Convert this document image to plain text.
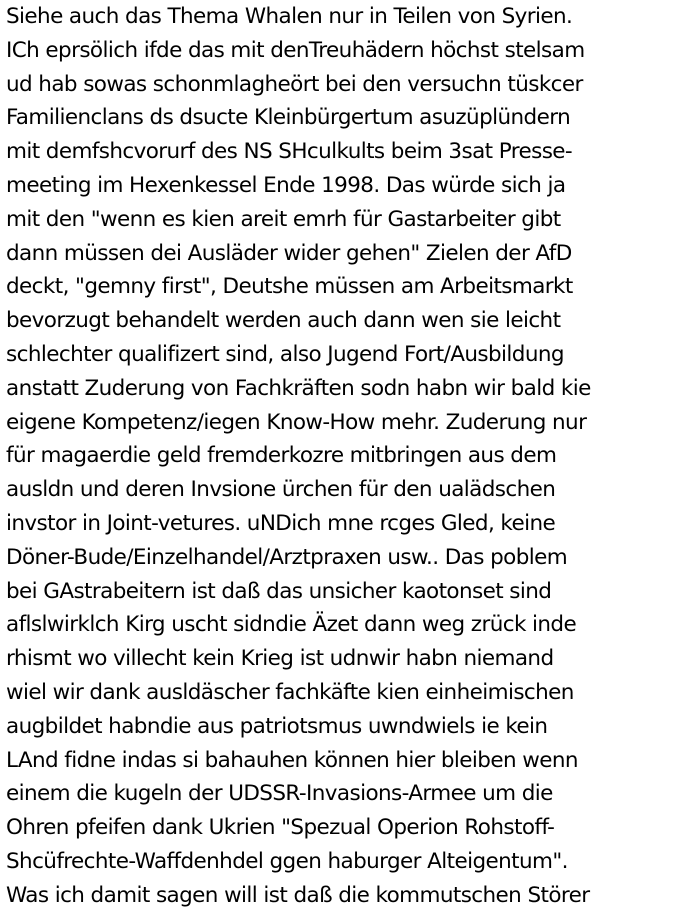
Siehe auch das Thema Whalen nur in Teilen von Syrien.
ICh eprsölich ifde das mit denTreuhädern höchst stelsam
ud hab sowas schonmlagheört bei den versuchn tüskcer
Familienclans ds dsucte Kleinbürgertum asuzüplündern
mit demfshcvorurf des NS SHculkults beim 3sat Presse-
meeting im Hexenkessel Ende 1998. Das würde sich ja
mit den "wenn es kien areit emrh für Gastarbeiter gibt
dann müssen dei Ausläder wider gehen" Zielen der AfD
deckt, "gemny first", Deutshe müssen am Arbeitsmarkt
bevorzugt behandelt werden auch dann wen sie leicht
schlechter qualifizert sind, also Jugend Fort/Ausbildung
anstatt Zuderung von Fachkräften sodn habn wir bald kie
eigene Kompetenz/iegen Know-How mehr. Zuderung nur
für magaerdie geld fremderkozre mitbringen aus dem
ausldn und deren Invsione ürchen für den ualädschen
invstor in Joint-vetures. uNDich mne rcges Gled, keine
Döner-Bude/Einzelhandel/Arztpraxen usw.. Das poblem
bei GAstrabeitern ist daß das unsicher kaotonset sind
aflslwirklch Kirg uscht sidndie Äzet dann weg zrück inde
rhismt wo villecht kein Krieg ist udnwir habn niemand
wiel wir dank ausldäscher fachkäfte kien einheimischen
augbildet habndie aus patriotsmus uwndwiels ie kein
LAnd fidne indas si bahauhen können hier bleiben wenn
einem die kugeln der UDSSR-Invasions-Armee um die
Ohren pfeifen dank Ukrien "Spezual Operion Rohstoff-
Shcüfrechte-Waffdenhdel ggen haburger Alteigentum".
Was ich damit sagen will ist daß die kommutschen Störer
